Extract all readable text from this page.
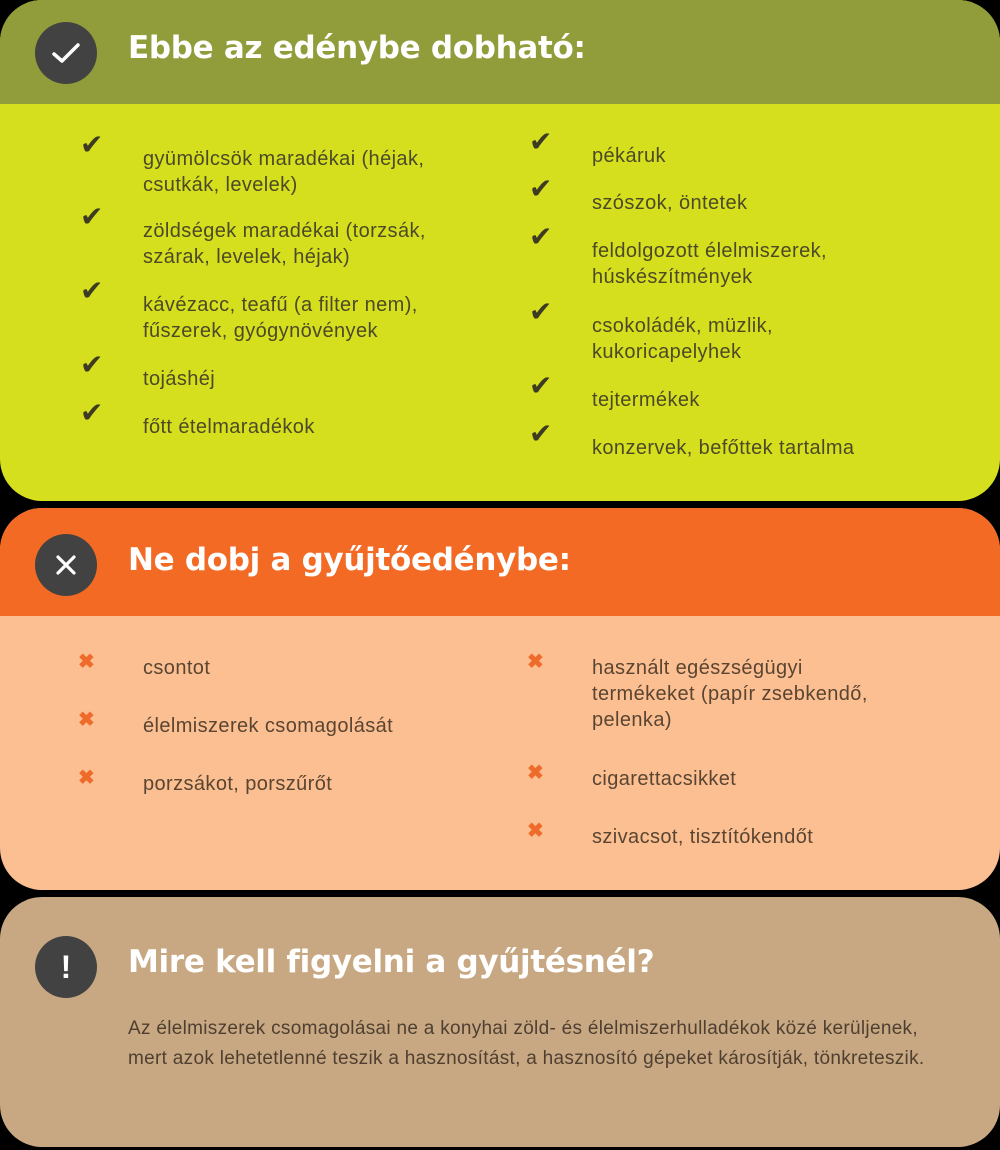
Ebbe az edénybe dobható:
✔ gyümölcsök maradékai (héjak,
csutkák, levelek)
✔ zöldségek maradékai (torzsák,
szárak, levelek, héjak)
✔ kávézacc, teafű (a filter nem),
fűszerek, gyógynövények
✔ tojáshéj
✔ főtt ételmaradékok
✔ pékáruk
✔ szószok, öntetek
✔ feldolgozott élelmiszerek,
húskészítmények
✔ csokoládék, müzlik,
kukoricapelyhek
✔ tejtermékek
✔ konzervek, befőttek tartalma
Ne dobj a gyűjtőedénybe:
✖ csontot
✖ élelmiszerek csomagolását
✖ porzsákot, porszűrőt
✖ használt egészségügyi
termékeket (papír zsebkendő,
pelenka)
✖ cigarettacsikket
✖ szivacsot, tisztítókendőt
!	Mire kell figyelni a gyűjtésnél?

Az élelmiszerek csomagolásai ne a konyhai zöld- és élelmiszerhulladékok közé kerüljenek, mert azok lehetetlenné teszik a hasznosítást, a hasznosító gépeket károsítják, tönkreteszik.
